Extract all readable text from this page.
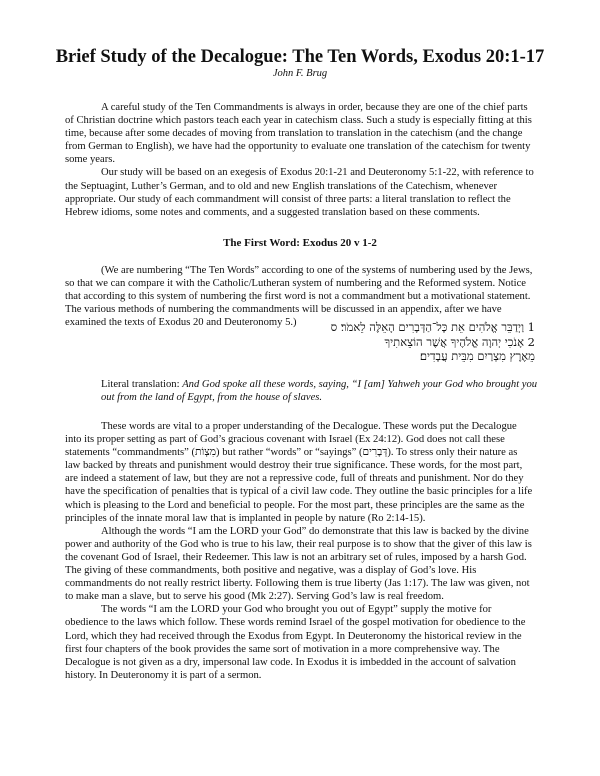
Brief Study of the Decalogue: The Ten Words, Exodus 20:1-17
John F. Brug

A careful study of the Ten Commandments is always in order, because they are one of the chief parts of Christian doctrine which pastors teach each year in catechism class. Such a study is especially fitting at this time, because after some decades of moving from translation to translation in the catechism (and the change from German to English), we have had the opportunity to evaluate one translation of the catechism for twenty some years.

Our study will be based on an exegesis of Exodus 20:1-21 and Deuteronomy 5:1-22, with reference to the Septuagint, Luther’s German, and to old and new English translations of the Catechism, whenever appropriate. Our study of each commandment will consist of three parts: a literal translation to reflect the Hebrew idioms, some notes and comments, and a suggested translation based on these comments.

The First Word: Exodus 20 v 1-2

(We are numbering “The Ten Words” according to one of the systems of numbering used by the Jews, so that we can compare it with the Catholic/Lutheran system of numbering and the Reformed system. Notice that according to this system of numbering the first word is not a commandment but a motivational statement. The various methods of numbering the commandments will be discussed in an appendix, after we have examined the texts of Exodus 20 and Deuteronomy 5.)	1 וַיְדַבֵּר אֱלֹהִים אֵת כָּל־הַדְּבָרִים הָאֵלֶּה לֵאמֹר׃ ס
2 אָנֹכִי יְהוָה אֱלֹהֶיךָ אֲשֶׁר הוֹצֵאתִיךָ
מֵאֶרֶץ מִצְרַיִם מִבֵּית עֲבָדִים׃
Literal translation: And God spoke all these words, saying, “I [am] Yahweh your God who brought you out from the land of Egypt, from the house of slaves.

These words are vital to a proper understanding of the Decalogue. These words put the Decalogue into its proper setting as part of God’s gracious covenant with Israel (Ex 24:12). God does not call these statements “commandments” (מִצְוֹת) but rather “words” or “sayings” (דְּבָרִים). To stress only their nature as law backed by threats and punishment would destroy their true significance. These words, for the most part, are indeed a statement of law, but they are not a repressive code, full of threats and punishment. Nor do they have the specification of penalties that is typical of a civil law code. They outline the basic principles for a life which is pleasing to the Lord and beneficial to people. For the most part, these principles are the same as the principles of the innate moral law that is implanted in people by nature (Ro 2:14-15).

Although the words “I am the LORD your God” do demonstrate that this law is backed by the divine power and authority of the God who is true to his law, their real purpose is to show that the giver of this law is the covenant God of Israel, their Redeemer. This law is not an arbitrary set of rules, imposed by a harsh God. The giving of these commandments, both positive and negative, was a display of God’s love. His commandments do not really restrict liberty. Following them is true liberty (Jas 1:17). The law was given, not to make man a slave, but to serve his good (Mk 2:27). Serving God’s law is real freedom.

The words “I am the LORD your God who brought you out of Egypt” supply the motive for obedience to the laws which follow. These words remind Israel of the gospel motivation for obedience to the Lord, which they had received through the Exodus from Egypt. In Deuteronomy the historical review in the first four chapters of the book provides the same sort of motivation in a more comprehensive way. The Decalogue is not given as a dry, impersonal law code. In Exodus it is imbedded in the account of salvation history. In Deuteronomy it is part of a sermon.
